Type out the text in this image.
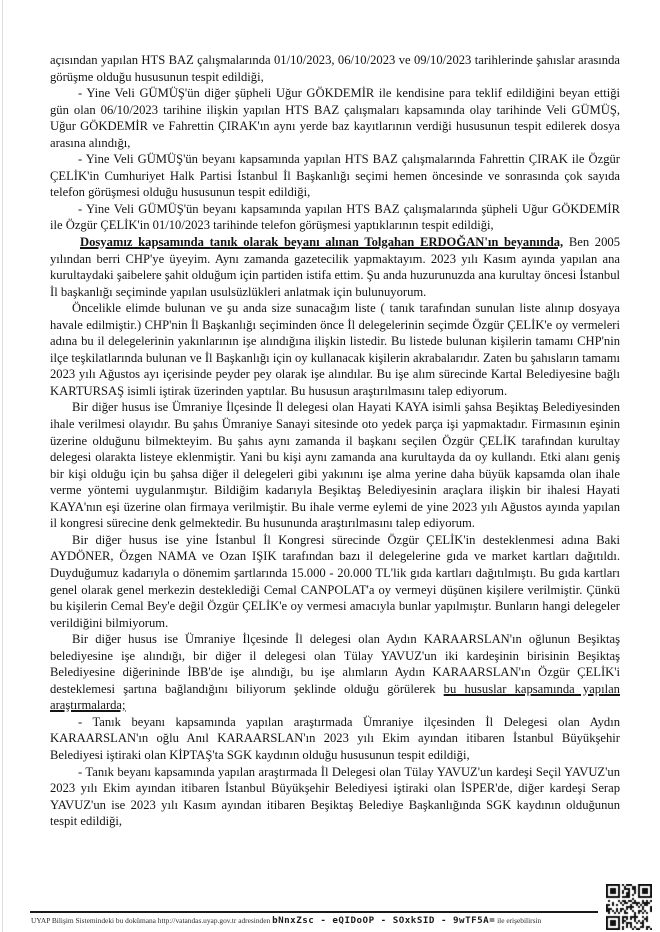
açısından yapılan HTS BAZ çalışmalarında 01/10/2023, 06/10/2023 ve 09/10/2023 tarihlerinde şahıslar arasında görüşme olduğu hususunun tespit edildiği,

- Yine Veli GÜMÜŞ'ün diğer şüpheli Uğur GÖKDEMİR ile kendisine para teklif edildiğini beyan ettiği gün olan 06/10/2023 tarihine ilişkin yapılan HTS BAZ çalışmaları kapsamında olay tarihinde Veli GÜMÜŞ, Uğur GÖKDEMİR ve Fahrettin ÇIRAK'ın aynı yerde baz kayıtlarının verdiği hususunun tespit edilerek dosya arasına alındığı,

- Yine Veli GÜMÜŞ'ün beyanı kapsamında yapılan HTS BAZ çalışmalarında Fahrettin ÇIRAK ile Özgür ÇELİK'in Cumhuriyet Halk Partisi İstanbul İl Başkanlığı seçimi hemen öncesinde ve sonrasında çok sayıda telefon görüşmesi olduğu hususunun tespit edildiği,

- Yine Veli GÜMÜŞ'ün beyanı kapsamında yapılan HTS BAZ çalışmalarında şüpheli Uğur GÖKDEMİR ile Özgür ÇELİK'in 01/10/2023 tarihinde telefon görüşmesi yaptıklarının tespit edildiği,

Dosyamız kapsamında tanık olarak beyanı alınan Tolgahan ERDOĞAN'ın beyanında, Ben 2005 yılından berri CHP'ye üyeyim. Aynı zamanda gazetecilik yapmaktayım. 2023 yılı Kasım ayında yapılan ana kurultaydaki şaibelere şahit olduğum için partiden istifa ettim. Şu anda huzurunuzda ana kurultay öncesi İstanbul İl başkanlığı seçiminde yapılan usulsüzlükleri anlatmak için bulunuyorum.

Öncelikle elimde bulunan ve şu anda size sunacağım liste ( tanık tarafından sunulan liste alınıp dosyaya havale edilmiştir.) CHP'nin İl Başkanlığı seçiminden önce İl delegelerinin seçimde Özgür ÇELİK'e oy vermeleri adına bu il delegelerinin yakınlarının işe alındığına ilişkin listedir. Bu listede bulunan kişilerin tamamı CHP'nin ilçe teşkilatlarında bulunan ve İl Başkanlığı için oy kullanacak kişilerin akrabalarıdır. Zaten bu şahısların tamamı 2023 yılı Ağustos ayı içerisinde peyder pey olarak işe alındılar. Bu işe alım sürecinde Kartal Belediyesine bağlı KARTURSAŞ isimli iştirak üzerinden yaptılar. Bu hususun araştırılmasını talep ediyorum.

Bir diğer husus ise Ümraniye İlçesinde İl delegesi olan Hayati KAYA isimli şahsa Beşiktaş Belediyesinden ihale verilmesi olayıdır. Bu şahıs Ümraniye Sanayi sitesinde oto yedek parça işi yapmaktadır. Firmasının eşinin üzerine olduğunu bilmekteyim. Bu şahıs aynı zamanda il başkanı seçilen Özgür ÇELİK tarafından kurultay delegesi olarakta listeye eklenmiştir. Yani bu kişi aynı zamanda ana kurultayda da oy kullandı. Etki alanı geniş bir kişi olduğu için bu şahsa diğer il delegeleri gibi yakınını işe alma yerine daha büyük kapsamda olan ihale verme yöntemi uygulanmıştır. Bildiğim kadarıyla Beşiktaş Belediyesinin araçlara ilişkin bir ihalesi Hayati KAYA'nın eşi üzerine olan firmaya verilmiştir. Bu ihale verme eylemi de yine 2023 yılı Ağustos ayında yapılan il kongresi sürecine denk gelmektedir. Bu husununda araştırılmasını talep ediyorum.

Bir diğer husus ise yine İstanbul İl Kongresi sürecinde Özgür ÇELİK'in desteklenmesi adına Baki AYDÖNER, Özgen NAMA ve Ozan IŞIK tarafından bazı il delegelerine gıda ve market kartları dağıtıldı. Duyduğumuz kadarıyla o dönemim şartlarında 15.000 - 20.000 TL'lik gıda kartları dağıtılmıştı. Bu gıda kartları genel olarak genel merkezin desteklediği Cemal CANPOLAT'a oy vermeyi düşünen kişilere verilmiştir. Çünkü bu kişilerin Cemal Bey'e değil Özgür ÇELİK'e oy vermesi amacıyla bunlar yapılmıştır. Bunların hangi delegeler verildiğini bilmiyorum.

Bir diğer husus ise Ümraniye İlçesinde İl delegesi olan Aydın KARAARSLAN'ın oğlunun Beşiktaş belediyesine işe alındığı, bir diğer il delegesi olan Tülay YAVUZ'un iki kardeşinin birisinin Beşiktaş Belediyesine diğerininde İBB'de işe alındığı, bu işe alımların Aydın KARAARSLAN'ın Özgür ÇELİK'i desteklemesi şartına bağlandığını biliyorum şeklinde olduğu görülerek bu hususlar kapsamında yapılan araştırmalarda;

- Tanık beyanı kapsamında yapılan araştırmada Ümraniye ilçesinden İl Delegesi olan Aydın KARAARSLAN'ın oğlu Anıl KARAARSLAN'ın 2023 yılı Ekim ayından itibaren İstanbul Büyükşehir Belediyesi iştiraki olan KİPTAŞ'ta SGK kaydının olduğu hususunun tespit edildiği,

- Tanık beyanı kapsamında yapılan araştırmada İl Delegesi olan Tülay YAVUZ'un kardeşi Seçil YAVUZ'un 2023 yılı Ekim ayından itibaren İstanbul Büyükşehir Belediyesi iştiraki olan İSPER'de, diğer kardeşi Serap YAVUZ'un ise 2023 yılı Kasım ayından itibaren Beşiktaş Belediye Başkanlığında SGK kaydının olduğunun tespit edildiği,

UYAP Bilişim Sistemindeki bu dokümana http://vatandas.uyap.gov.tr adresinden bNnxZsc - eQIDoOP - SOxkSID - 9wTF5A= ile erişebilirsin
